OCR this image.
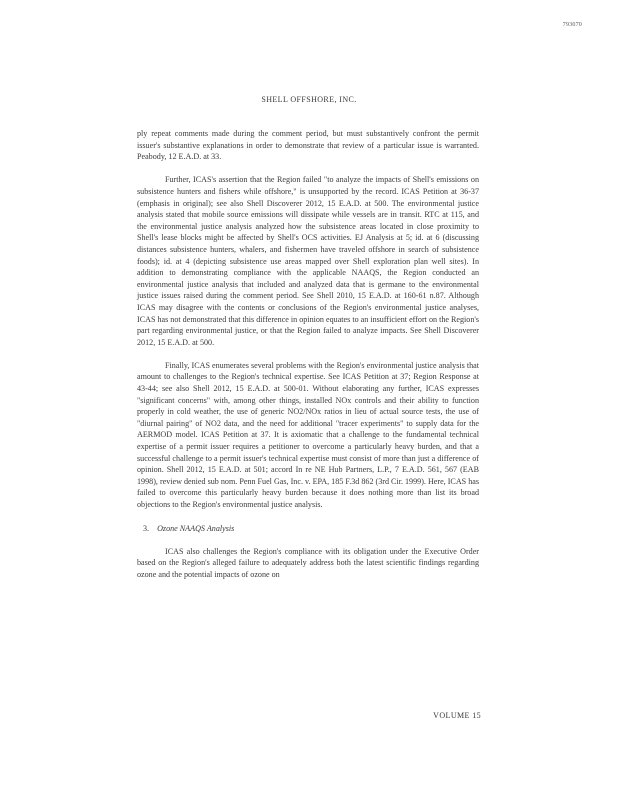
793070
SHELL OFFSHORE, INC.

ply repeat comments made during the comment period, but must substantively confront the permit issuer's substantive explanations in order to demonstrate that review of a particular issue is warranted. Peabody, 12 E.A.D. at 33.

Further, ICAS's assertion that the Region failed "to analyze the impacts of Shell's emissions on subsistence hunters and fishers while offshore," is unsupported by the record. ICAS Petition at 36-37 (emphasis in original); see also Shell Discoverer 2012, 15 E.A.D. at 500. The environmental justice analysis stated that mobile source emissions will dissipate while vessels are in transit. RTC at 115, and the environmental justice analysis analyzed how the subsistence areas located in close proximity to Shell's lease blocks might be affected by Shell's OCS activities. EJ Analysis at 5; id. at 6 (discussing distances subsistence hunters, whalers, and fishermen have traveled offshore in search of subsistence foods); id. at 4 (depicting subsistence use areas mapped over Shell exploration plan well sites). In addition to demonstrating compliance with the applicable NAAQS, the Region conducted an environmental justice analysis that included and analyzed data that is germane to the environmental justice issues raised during the comment period. See Shell 2010, 15 E.A.D. at 160-61 n.87. Although ICAS may disagree with the contents or conclusions of the Region's environmental justice analyses, ICAS has not demonstrated that this difference in opinion equates to an insufficient effort on the Region's part regarding environmental justice, or that the Region failed to analyze impacts. See Shell Discoverer 2012, 15 E.A.D. at 500.

Finally, ICAS enumerates several problems with the Region's environmental justice analysis that amount to challenges to the Region's technical expertise. See ICAS Petition at 37; Region Response at 43-44; see also Shell 2012, 15 E.A.D. at 500-01. Without elaborating any further, ICAS expresses "significant concerns" with, among other things, installed NOx controls and their ability to function properly in cold weather, the use of generic NO2/NOx ratios in lieu of actual source tests, the use of "diurnal pairing" of NO2 data, and the need for additional "tracer experiments" to supply data for the AERMOD model. ICAS Petition at 37. It is axiomatic that a challenge to the fundamental technical expertise of a permit issuer requires a petitioner to overcome a particularly heavy burden, and that a successful challenge to a permit issuer's technical expertise must consist of more than just a difference of opinion. Shell 2012, 15 E.A.D. at 501; accord In re NE Hub Partners, L.P., 7 E.A.D. 561, 567 (EAB 1998), review denied sub nom. Penn Fuel Gas, Inc. v. EPA, 185 F.3d 862 (3rd Cir. 1999). Here, ICAS has failed to overcome this particularly heavy burden because it does nothing more than list its broad objections to the Region's environmental justice analysis.

3. Ozone NAAQS Analysis

ICAS also challenges the Region's compliance with its obligation under the Executive Order based on the Region's alleged failure to adequately address both the latest scientific findings regarding ozone and the potential impacts of ozone on

VOLUME 15
